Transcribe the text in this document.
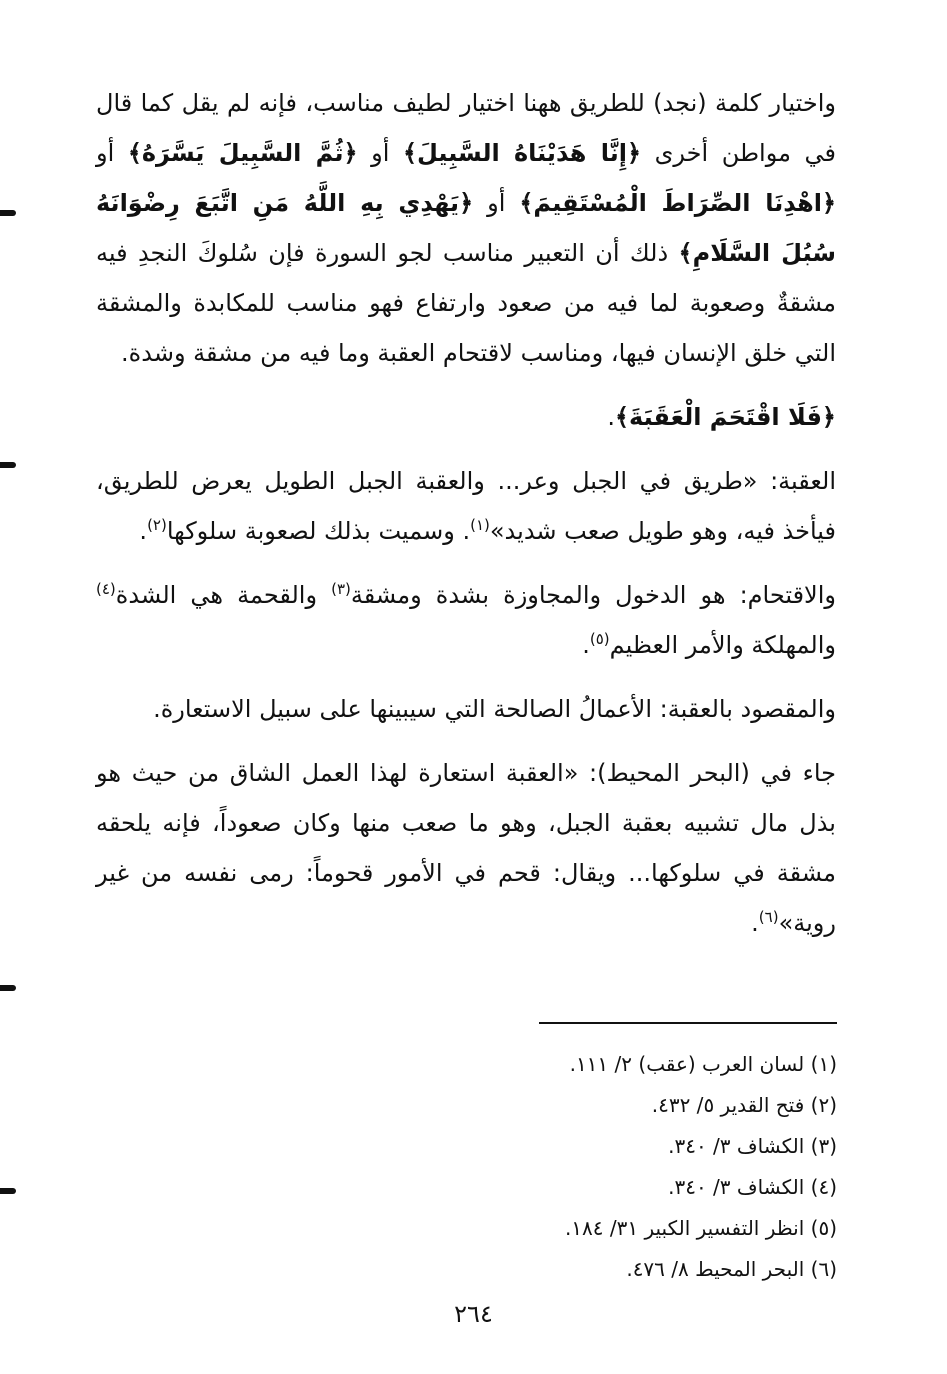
واختيار كلمة (نجد) للطريق ههنا اختيار لطيف مناسب، فإنه لم يقل كما قال في مواطن أخرى ﴿إِنَّا هَدَيْنَاهُ السَّبِيلَ﴾ أو ﴿ثُمَّ السَّبِيلَ يَسَّرَهُ﴾ أو ﴿اهْدِنَا الصِّرَاطَ الْمُسْتَقِيمَ﴾ أو ﴿يَهْدِي بِهِ اللَّهُ مَنِ اتَّبَعَ رِضْوَانَهُ سُبُلَ السَّلَامِ﴾ ذلك أن التعبير مناسب لجو السورة فإن سُلوكَ النجدِ فيه مشقةٌ وصعوبة لما فيه من صعود وارتفاع فهو مناسب للمكابدة والمشقة التي خلق الإنسان فيها، ومناسب لاقتحام العقبة وما فيه من مشقة وشدة.

﴿فَلَا اقْتَحَمَ الْعَقَبَةَ﴾.

العقبة: «طريق في الجبل وعر... والعقبة الجبل الطويل يعرض للطريق، فيأخذ فيه، وهو طويل صعب شديد»$^{(١)}$. وسميت بذلك لصعوبة سلوكها$^{(٢)}$.

والاقتحام: هو الدخول والمجاوزة بشدة ومشقة$^{(٣)}$ والقحمة هي الشدة$^{(٤)}$ والمهلكة والأمر العظيم$^{(٥)}$.

والمقصود بالعقبة: الأعمالُ الصالحة التي سيبينها على سبيل الاستعارة.

جاء في (البحر المحيط): «العقبة استعارة لهذا العمل الشاق من حيث هو بذل مال تشبيه بعقبة الجبل، وهو ما صعب منها وكان صعوداً، فإنه يلحقه مشقة في سلوكها... ويقال: قحم في الأمور قحوماً: رمى نفسه من غير روية»$^{(٦)}$.

(١) لسان العرب (عقب) ٢/ ١١١.

(٢) فتح القدير ٥/ ٤٣٢.

(٣) الكشاف ٣/ ٣٤٠.

(٤) الكشاف ٣/ ٣٤٠.

(٥) انظر التفسير الكبير ٣١/ ١٨٤.

(٦) البحر المحيط ٨/ ٤٧٦.

٢٦٤
